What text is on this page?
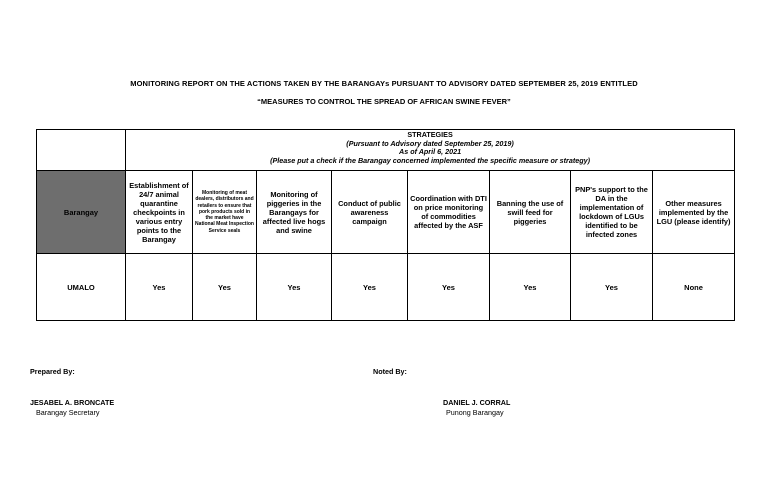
MONITORING REPORT ON THE ACTIONS TAKEN BY THE BARANGAYs PURSUANT TO ADVISORY DATED SEPTEMBER 25, 2019 ENTITLED
“MEASURES TO CONTROL THE SPREAD OF AFRICAN SWINE FEVER”

	STRATEGIES
(Pursuant to Advisory dated September 25, 2019)
As of April 6, 2021
(Please put a check if the Barangay concerned implemented the specific measure or strategy)							

Barangay	Establishment of 24/7 animal quarantine checkpoints in various entry points to the Barangay	Monitoring of meat dealers, distributors and retailers to ensure that pork products sold in the market have National Meat Inspection Service seals	Monitoring of piggeries in the Barangays for affected live hogs and swine	Conduct of public awareness campaign	Coordination with DTI on price monitoring of commodities affected by the ASF	Banning the use of swill feed for piggeries	PNP's support to the DA in the implementation of lockdown of LGUs identified to be infected zones	Other measures implemented by the LGU (please identify)
UMALO	Yes	Yes	Yes	Yes	Yes	Yes	Yes	None
Prepared By:	Noted By:
JESABEL A. BRONCATE
Barangay Secretary
DANIEL J. CORRAL
Punong Barangay
